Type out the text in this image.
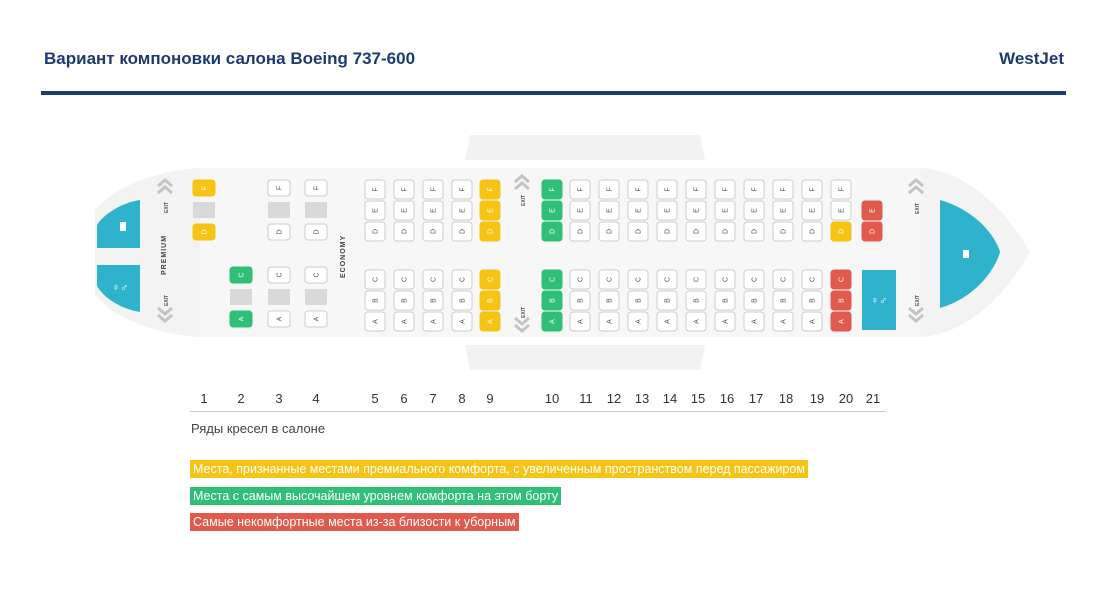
Вариант компоновки салона Boeing 737-600	WestJet
♀♂
♀♂
EXIT
EXIT
EXIT
EXIT
EXIT
EXIT
F
D
C
A
F
D
C
A
F
D
C
A
F
E
D
C
B
A
F
E
D
C
B
A
F
E
D
C
B
A
F
E
D
C
B
A
F
E
D
C
B
A
F
E
D
C
B
A
F
E
D
C
B
A
F
E
D
C
B
A
F
E
D
C
B
A
F
E
D
C
B
A
F
E
D
C
B
A
F
E
D
C
B
A
F
E
D
C
B
A
F
E
D
C
B
A
F
E
D
C
B
A
F
E
D
C
B
A
E
D
PREMIUM	ECONOMY
1	2	3	4	5	6	7	8	9	10	11	12	13	14	15	16	17	18	19	20 21
Ряды кресел в салоне
Места, признанные местами премиального комфорта, с увеличенным пространством перед пассажиром
Места с самым высочайшем уровнем комфорта на этом борту
Самые некомфортные места из-за близости к уборным
